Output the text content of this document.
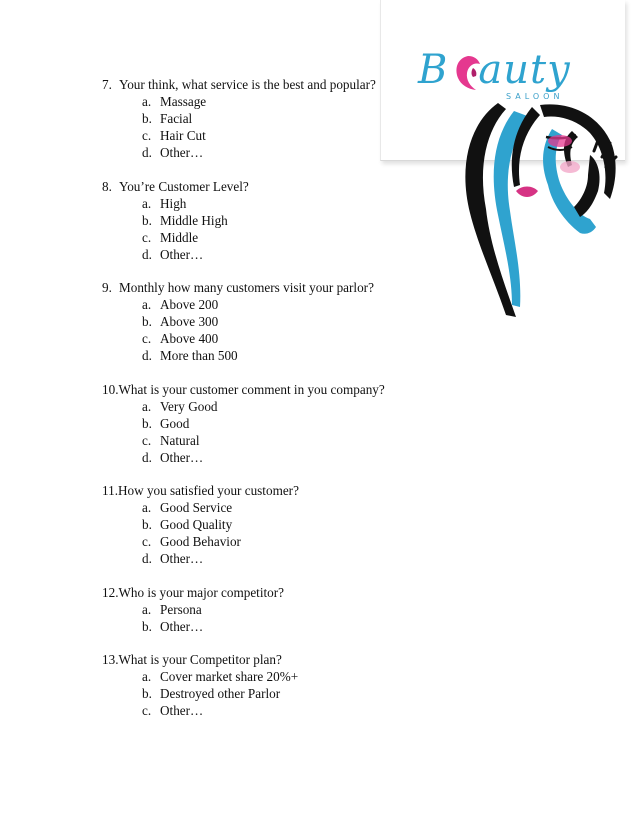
B auty
SALOON
7. Your think, what service is the best and popular?
a. Massage
b. Facial
c. Hair Cut
d. Other…
8. You’re Customer Level?
a. High
b. Middle High
c. Middle
d. Other…
9. Monthly how many customers visit your parlor?
a. Above 200
b. Above 300
c. Above 400
d. More than 500
10. What is your customer comment in you company?
a. Very Good
b. Good
c. Natural
d. Other…
11. How you satisfied your customer?
a. Good Service
b. Good Quality
c. Good Behavior
d. Other…
12. Who is your major competitor?
a. Persona
b. Other…
13. What is your Competitor plan?
a. Cover market share 20%+
b. Destroyed other Parlor
c. Other…
